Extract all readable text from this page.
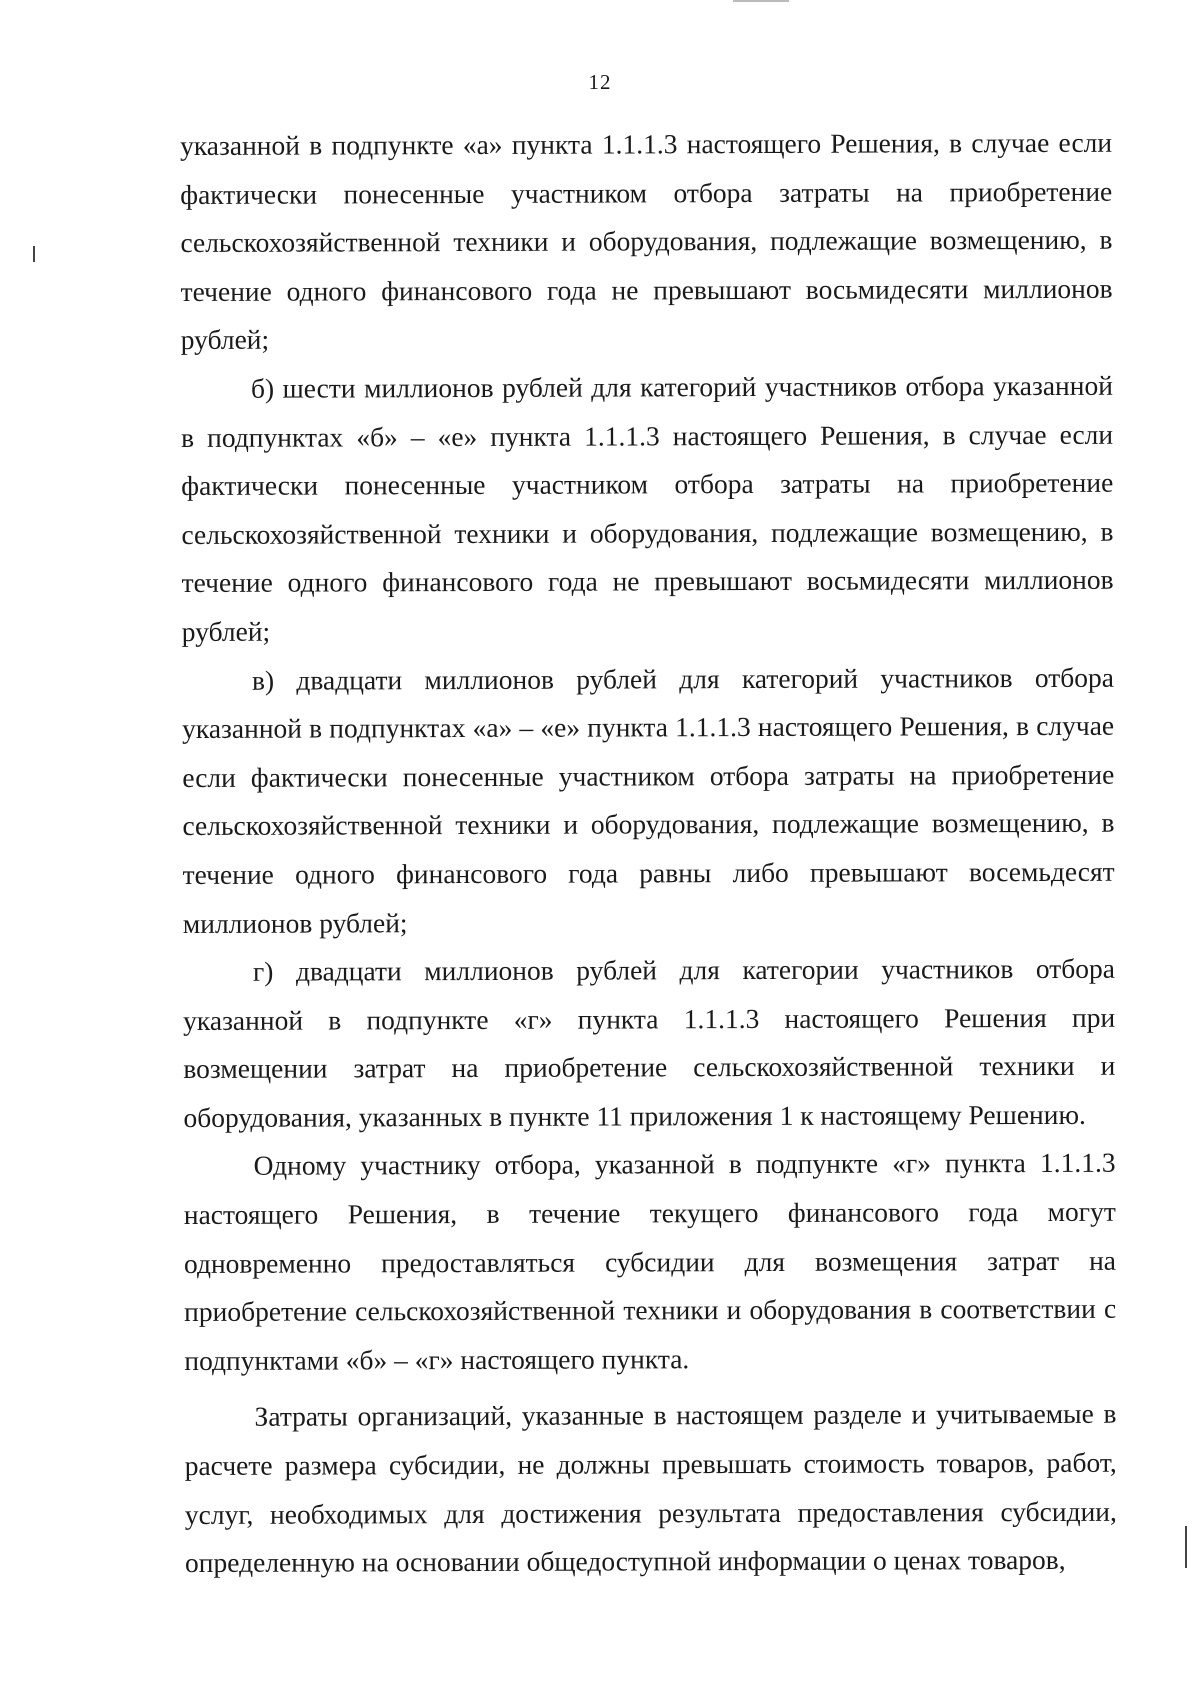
12

указанной в подпункте «а» пункта 1.1.1.3 настоящего Решения, в случае если фактически понесенные участником отбора затраты на приобретение сельскохозяйственной техники и оборудования, подлежащие возмещению, в течение одного финансового года не превышают восьмидесяти миллионов рублей;

б) шести миллионов рублей для категорий участников отбора указанной в подпунктах «б» – «е» пункта 1.1.1.3 настоящего Решения, в случае если фактически понесенные участником отбора затраты на приобретение сельскохозяйственной техники и оборудования, подлежащие возмещению, в течение одного финансового года не превышают восьмидесяти миллионов рублей;

в) двадцати миллионов рублей для категорий участников отбора указанной в подпунктах «а» – «е» пункта 1.1.1.3 настоящего Решения, в случае если фактически понесенные участником отбора затраты на приобретение сельскохозяйственной техники и оборудования, подлежащие возмещению, в течение одного финансового года равны либо превышают восемьдесят миллионов рублей;

г) двадцати миллионов рублей для категории участников отбора указанной в подпункте «г» пункта 1.1.1.3 настоящего Решения при возмещении затрат на приобретение сельскохозяйственной техники и оборудования, указанных в пункте 11 приложения 1 к настоящему Решению.

Одному участнику отбора, указанной в подпункте «г» пункта 1.1.1.3 настоящего Решения, в течение текущего финансового года могут одновременно предоставляться субсидии для возмещения затрат на приобретение сельскохозяйственной техники и оборудования в соответствии с подпунктами «б» – «г» настоящего пункта.

Затраты организаций, указанные в настоящем разделе и учитываемые в расчете размера субсидии, не должны превышать стоимость товаров, работ, услуг, необходимых для достижения результата предоставления субсидии, определенную на основании общедоступной информации о ценах товаров,
